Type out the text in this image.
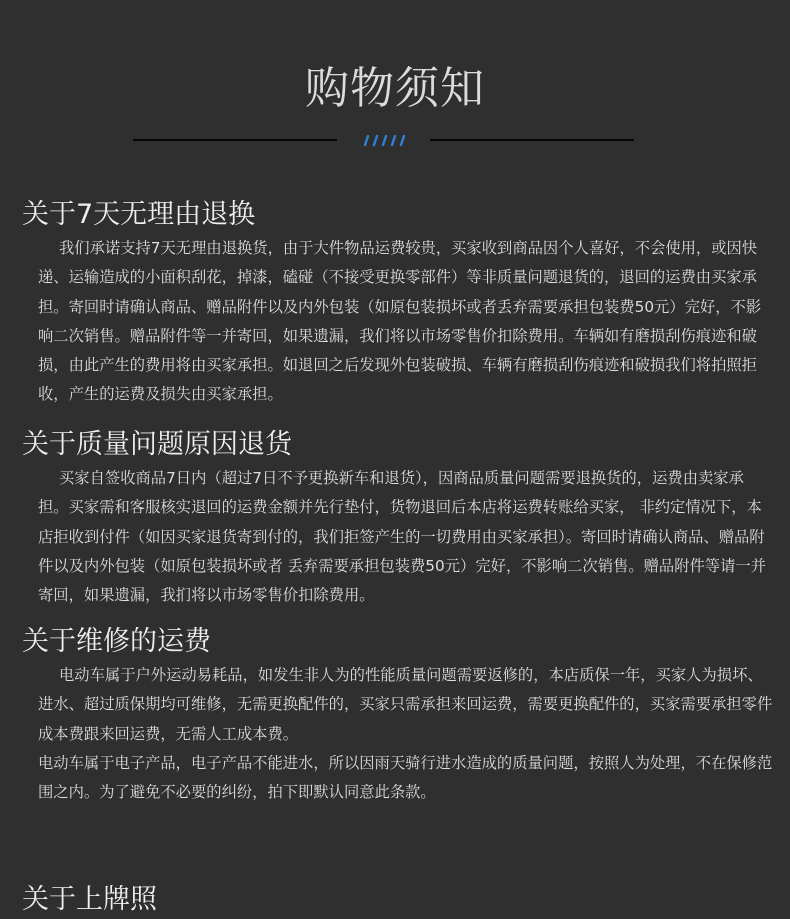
购物须知
关于7天无理由退换

我们承诺支持7天无理由退换货，由于大件物品运费较贵，买家收到商品因个人喜好，不会使用，或因快递、运输造成的小面积刮花，掉漆，磕碰（不接受更换零部件）等非质量问题退货的，退回的运费由买家承担。寄回时请确认商品、赠品附件以及内外包装（如原包装损坏或者丢弃需要承担包装费50元）完好，不影响二次销售。赠品附件等一并寄回，如果遗漏，我们将以市场零售价扣除费用。车辆如有磨损刮伤痕迹和破损，由此产生的费用将由买家承担。如退回之后发现外包装破损、车辆有磨损刮伤痕迹和破损我们将拍照拒收，产生的运费及损失由买家承担。

关于质量问题原因退货

买家自签收商品7日内（超过7日不予更换新车和退货），因商品质量问题需要退换货的，运费由卖家承担。买家需和客服核实退回的运费金额并先行垫付，货物退回后本店将运费转账给买家， 非约定情况下，本店拒收到付件（如因买家退货寄到付的，我们拒签产生的一切费用由买家承担）。寄回时请确认商品、赠品附件以及内外包装（如原包装损坏或者 丢弃需要承担包装费50元）完好，不影响二次销售。赠品附件等请一并寄回，如果遗漏，我扪将以市场零售价扣除费用。

关于维修的运费

电动车属于户外运动易耗品，如发生非人为的性能质量问题需要返修的，本店质保一年，买家人为损坏、进水、超过质保期均可维修，无需更换配件的，买家只需承担来回运费，需要更换配件的，买家需要承担零件成本费跟来回运费，无需人工成本费。

电动车属于电子产品，电子产品不能进水，所以因雨天骑行进水造成的质量问题，按照人为处理，不在保修范围之内。为了避免不必要的纠纷，拍下即默认同意此条款。

关于上牌照
